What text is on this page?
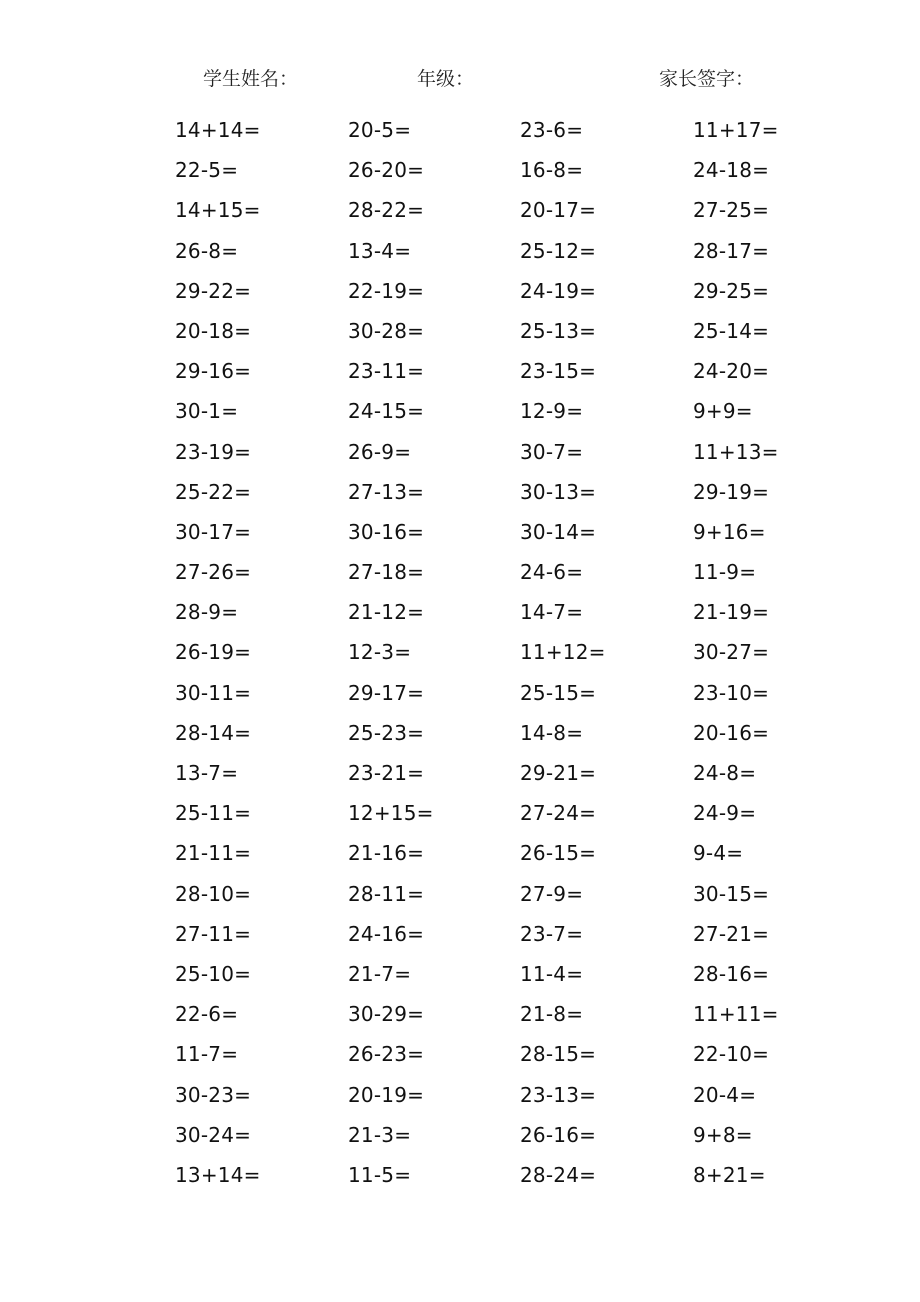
学生姓名：	年级：	家长签字：
14+14=	20-5=	23-6=	11+17=
22-5=	26-20=	16-8=	24-18=
14+15=	28-22=	20-17=	27-25=
26-8=	13-4=	25-12=	28-17=
29-22=	22-19=	24-19=	29-25=
20-18=	30-28=	25-13=	25-14=
29-16=	23-11=	23-15=	24-20=
30-1=	24-15=	12-9=	9+9=
23-19=	26-9=	30-7=	11+13=
25-22=	27-13=	30-13=	29-19=
30-17=	30-16=	30-14=	9+16=
27-26=	27-18=	24-6=	11-9=
28-9=	21-12=	14-7=	21-19=
26-19=	12-3=	11+12=	30-27=
30-11=	29-17=	25-15=	23-10=
28-14=	25-23=	14-8=	20-16=
13-7=	23-21=	29-21=	24-8=
25-11=	12+15=	27-24=	24-9=
21-11=	21-16=	26-15=	9-4=
28-10=	28-11=	27-9=	30-15=
27-11=	24-16=	23-7=	27-21=
25-10=	21-7=	11-4=	28-16=
22-6=	30-29=	21-8=	11+11=
11-7=	26-23=	28-15=	22-10=
30-23=	20-19=	23-13=	20-4=
30-24=	21-3=	26-16=	9+8=
13+14=	11-5=	28-24=	8+21=
